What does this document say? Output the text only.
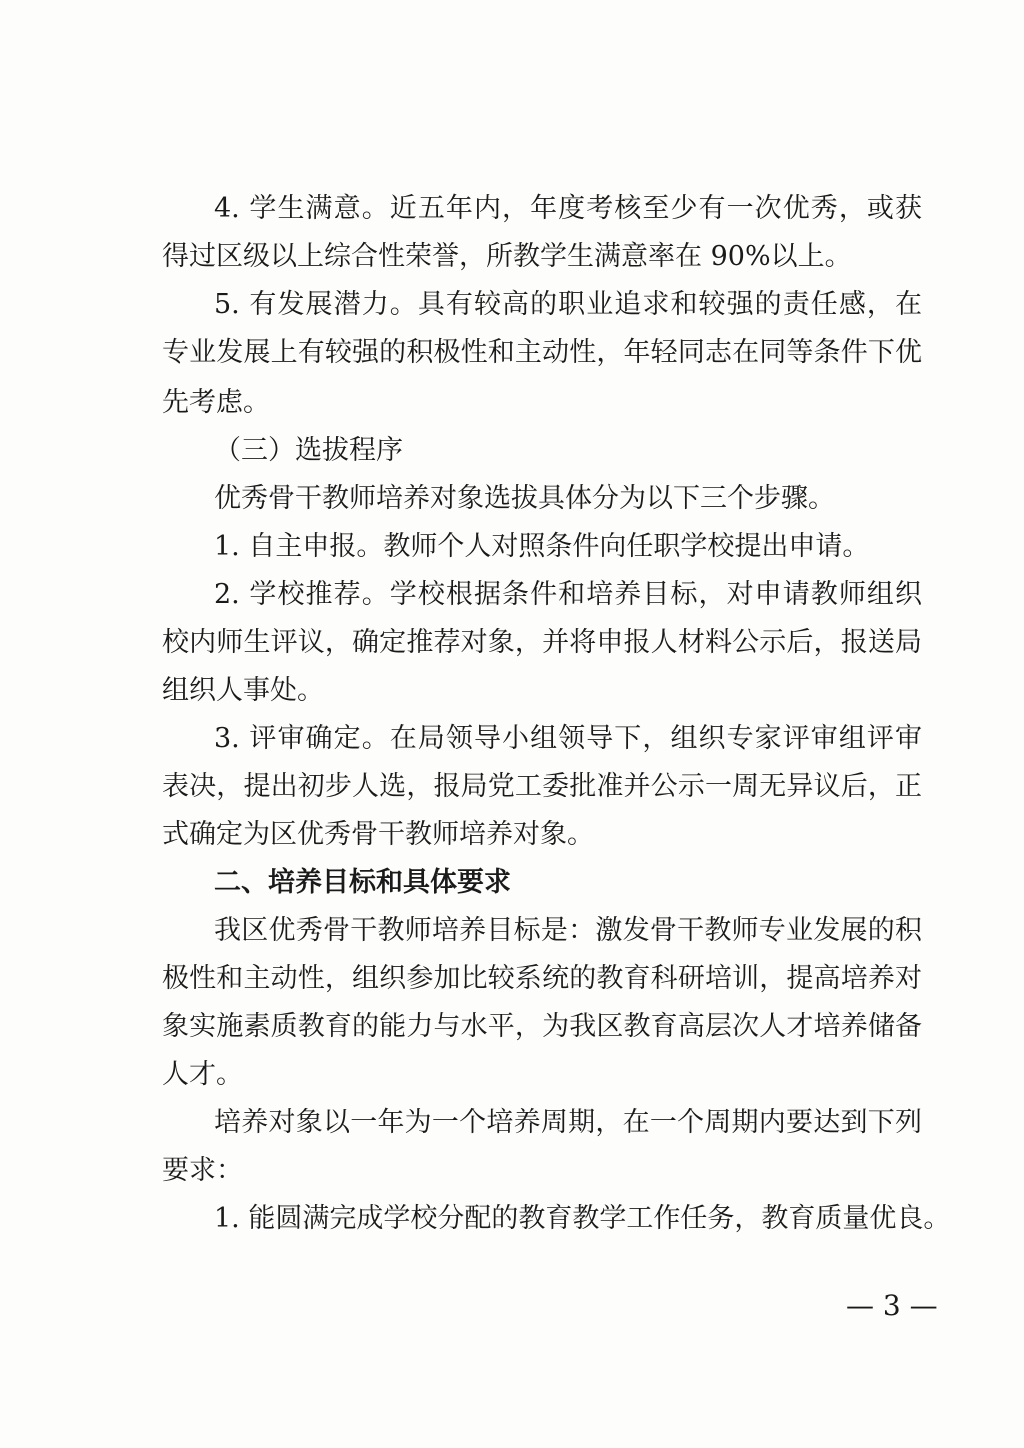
4. 学生满意。近五年内，年度考核至少有一次优秀，或获
得过区级以上综合性荣誉，所教学生满意率在 90%以上。
5. 有发展潜力。具有较高的职业追求和较强的责任感，在
专业发展上有较强的积极性和主动性，年轻同志在同等条件下优
先考虑。
（三）选拔程序
优秀骨干教师培养对象选拔具体分为以下三个步骤。
1. 自主申报。教师个人对照条件向任职学校提出申请。
2. 学校推荐。学校根据条件和培养目标，对申请教师组织
校内师生评议，确定推荐对象，并将申报人材料公示后，报送局
组织人事处。
3. 评审确定。在局领导小组领导下，组织专家评审组评审
表决，提出初步人选，报局党工委批准并公示一周无异议后，正
式确定为区优秀骨干教师培养对象。
二、培养目标和具体要求
我区优秀骨干教师培养目标是：激发骨干教师专业发展的积
极性和主动性，组织参加比较系统的教育科研培训，提高培养对
象实施素质教育的能力与水平，为我区教育高层次人才培养储备
人才。
培养对象以一年为一个培养周期，在一个周期内要达到下列
要求：
1. 能圆满完成学校分配的教育教学工作任务，教育质量优良。
— 3 —
